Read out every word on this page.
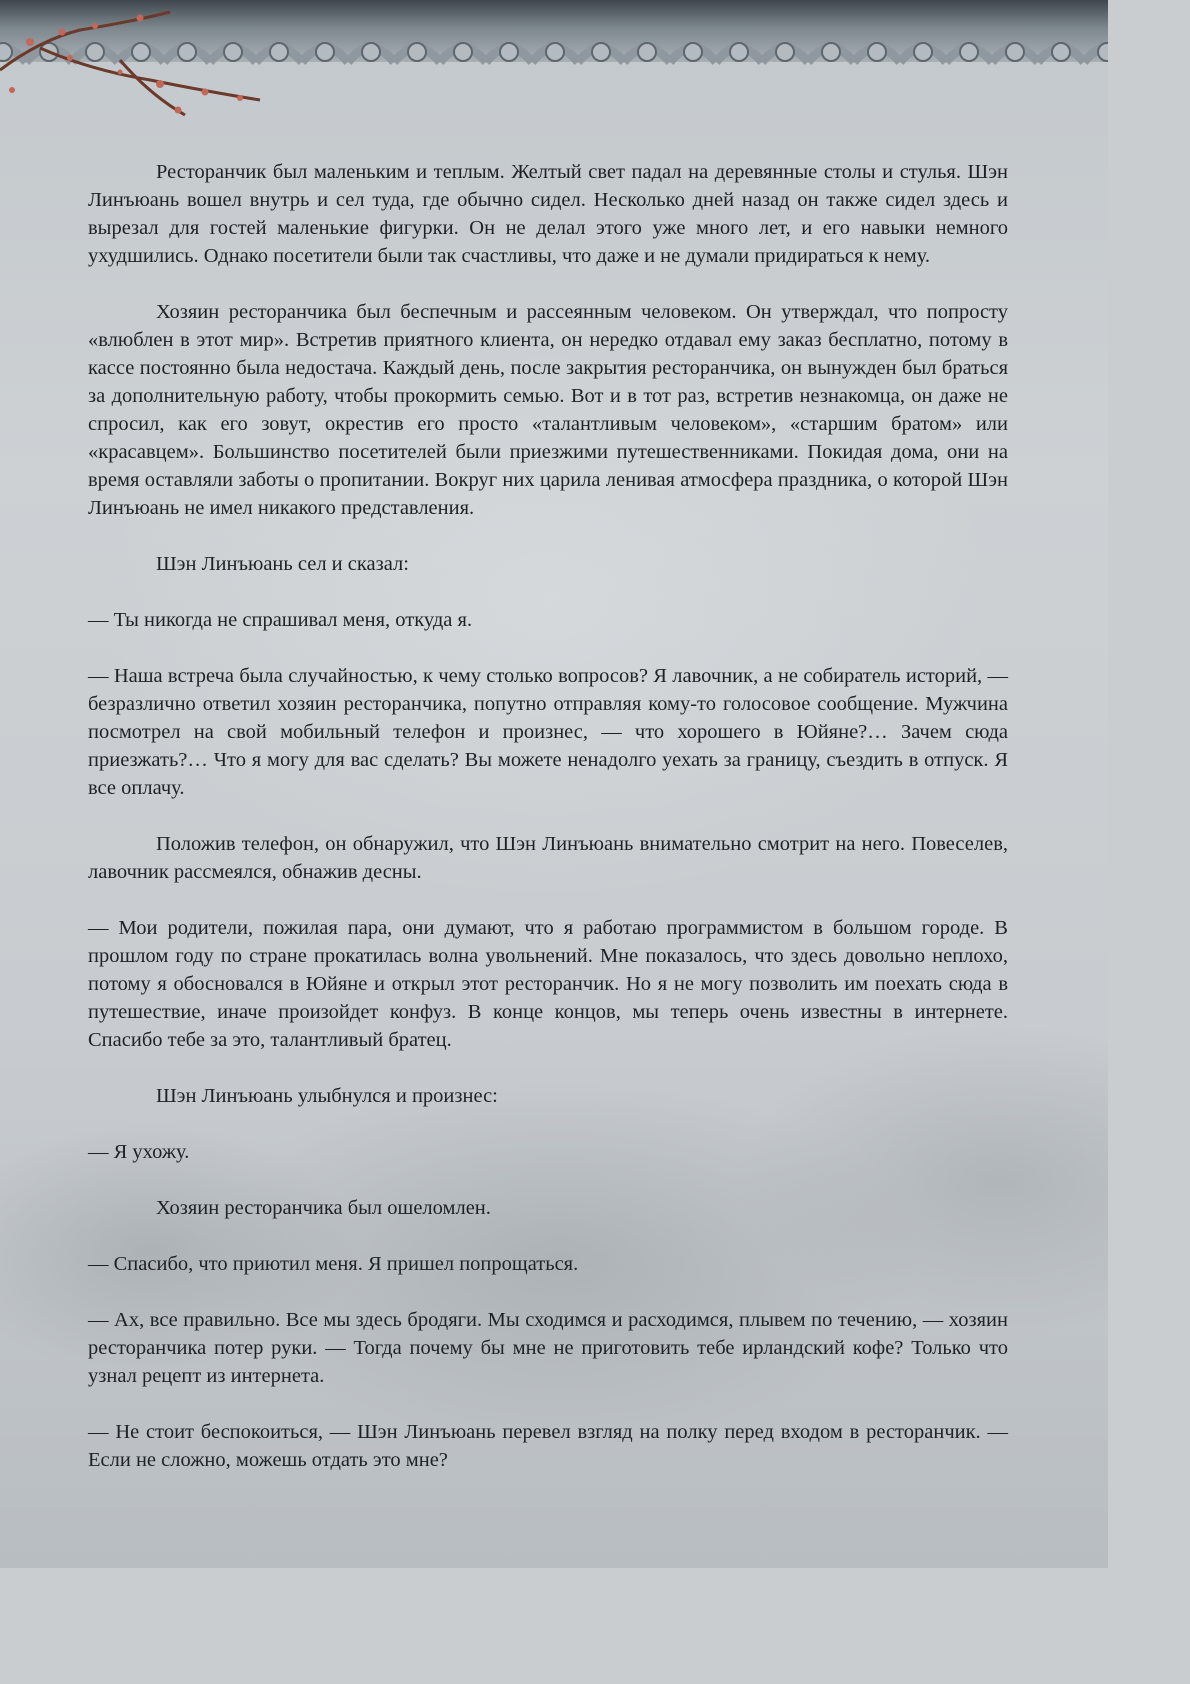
Ресторанчик был маленьким и теплым. Желтый свет падал на деревянные столы и стулья. Шэн Линъюань вошел внутрь и сел туда, где обычно сидел. Несколько дней назад он также сидел здесь и вырезал для гостей маленькие фигурки. Он не делал этого уже много лет, и его навыки немного ухудшились. Однако посетители были так счастливы, что даже и не думали придираться к нему.

Хозяин ресторанчика был беспечным и рассеянным человеком. Он утверждал, что попросту «влюблен в этот мир». Встретив приятного клиента, он нередко отдавал ему заказ бесплатно, потому в кассе постоянно была недостача. Каждый день, после закрытия ресторанчика, он вынужден был браться за дополнительную работу, чтобы прокормить семью. Вот и в тот раз, встретив незнакомца, он даже не спросил, как его зовут, окрестив его просто «талантливым человеком», «старшим братом» или «красавцем». Большинство посетителей были приезжими путешественниками. Покидая дома, они на время оставляли заботы о пропитании. Вокруг них царила ленивая атмосфера праздника, о которой Шэн Линъюань не имел никакого представления.

Шэн Линъюань сел и сказал:

— Ты никогда не спрашивал меня, откуда я.

— Наша встреча была случайностью, к чему столько вопросов? Я лавочник, а не собиратель историй, — безразлично ответил хозяин ресторанчика, попутно отправляя кому-то голосовое сообщение. Мужчина посмотрел на свой мобильный телефон и произнес, — что хорошего в Юйяне?… Зачем сюда приезжать?… Что я могу для вас сделать? Вы можете ненадолго уехать за границу, съездить в отпуск. Я все оплачу.

Положив телефон, он обнаружил, что Шэн Линъюань внимательно смотрит на него. Повеселев, лавочник рассмеялся, обнажив десны.

— Мои родители, пожилая пара, они думают, что я работаю программистом в большом городе. В прошлом году по стране прокатилась волна увольнений. Мне показалось, что здесь довольно неплохо, потому я обосновался в Юйяне и открыл этот ресторанчик. Но я не могу позволить им поехать сюда в путешествие, иначе произойдет конфуз. В конце концов, мы теперь очень известны в интернете. Спасибо тебе за это, талантливый братец.

Шэн Линъюань улыбнулся и произнес:

— Я ухожу.

Хозяин ресторанчика был ошеломлен.

— Спасибо, что приютил меня. Я пришел попрощаться.

— Ах, все правильно. Все мы здесь бродяги. Мы сходимся и расходимся, плывем по течению, — хозяин ресторанчика потер руки. — Тогда почему бы мне не приготовить тебе ирландский кофе? Только что узнал рецепт из интернета.

— Не стоит беспокоиться, — Шэн Линъюань перевел взгляд на полку перед входом в ресторанчик. — Если не сложно, можешь отдать это мне?
